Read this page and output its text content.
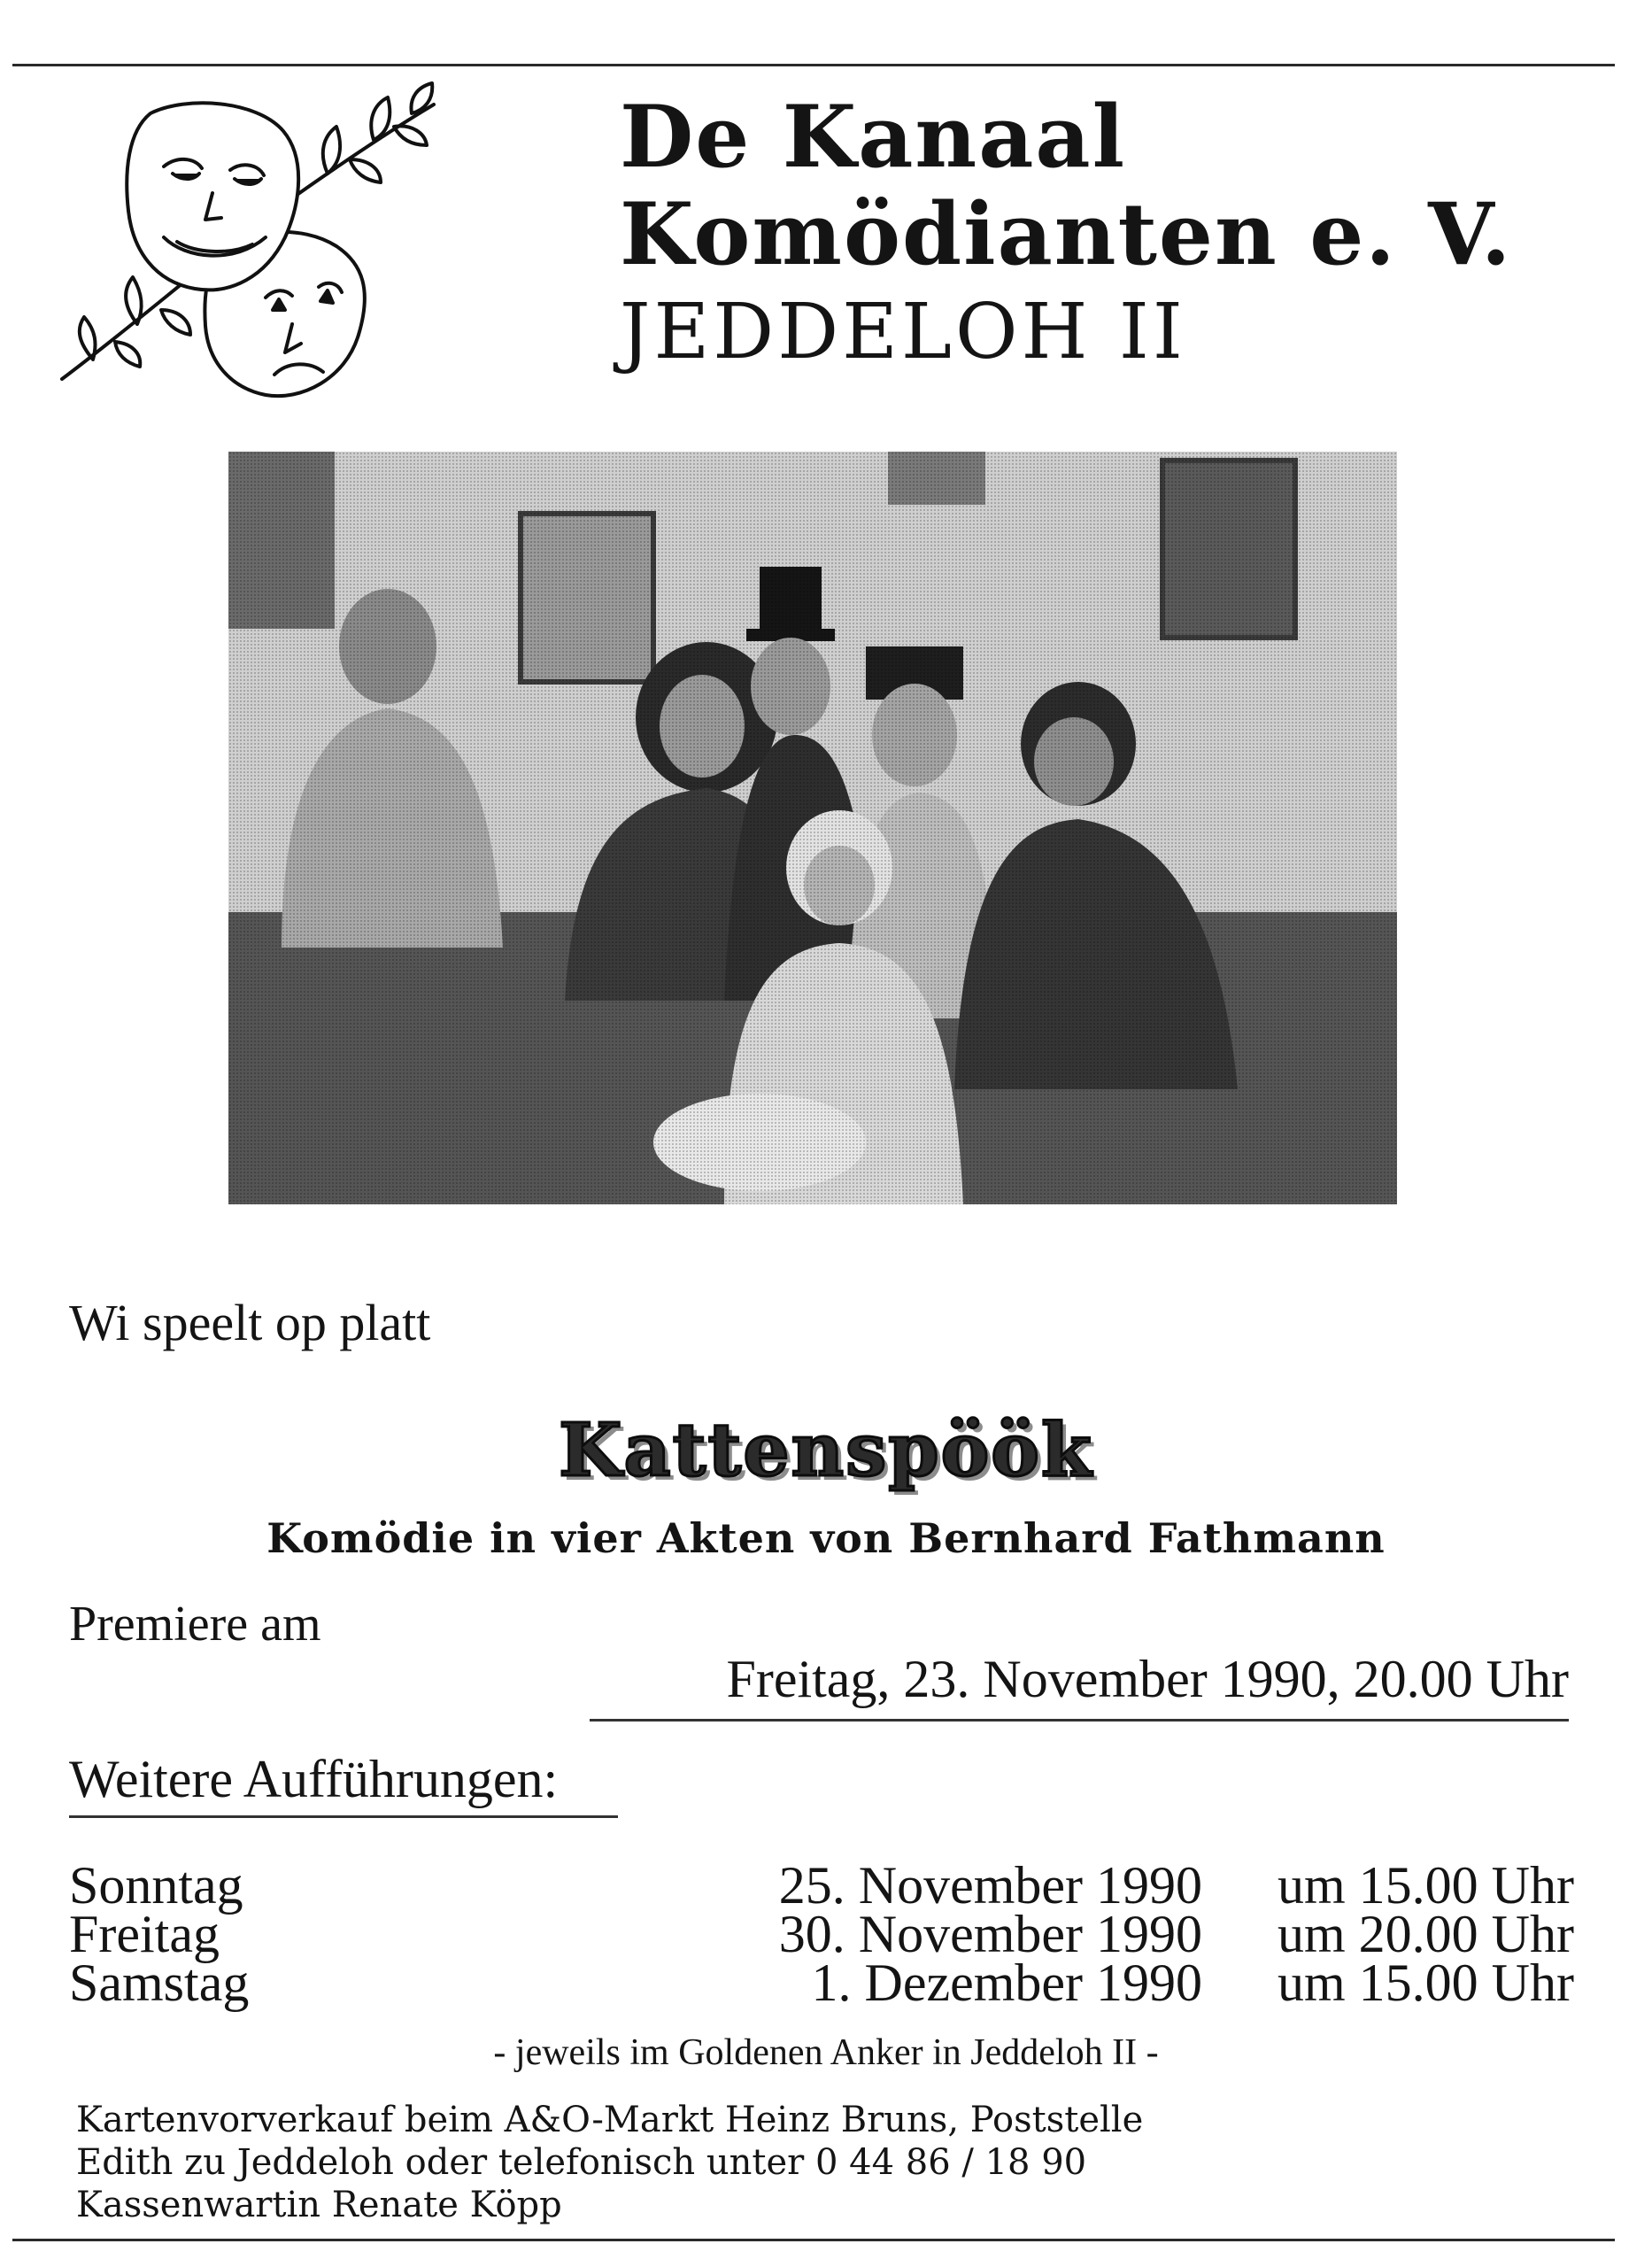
De Kanaal
Komödianten e. V.
JEDDELOH II
Wi speelt op platt
Kattenspöök
Komödie in vier Akten von Bernhard Fathmann
Premiere am
Freitag, 23. November 1990, 20.00 Uhr
Weitere Aufführungen:
Sonntag	25. November 1990 um 15.00 Uhr
Freitag	30. November 1990 um 20.00 Uhr
Samstag	1. Dezember 1990 um 15.00 Uhr
- jeweils im Goldenen Anker in Jeddeloh II -
Kartenvorverkauf beim A&O-Markt Heinz Bruns, Poststelle
Edith zu Jeddeloh oder telefonisch unter 0 44 86 / 18 90
Kassenwartin Renate Köpp
